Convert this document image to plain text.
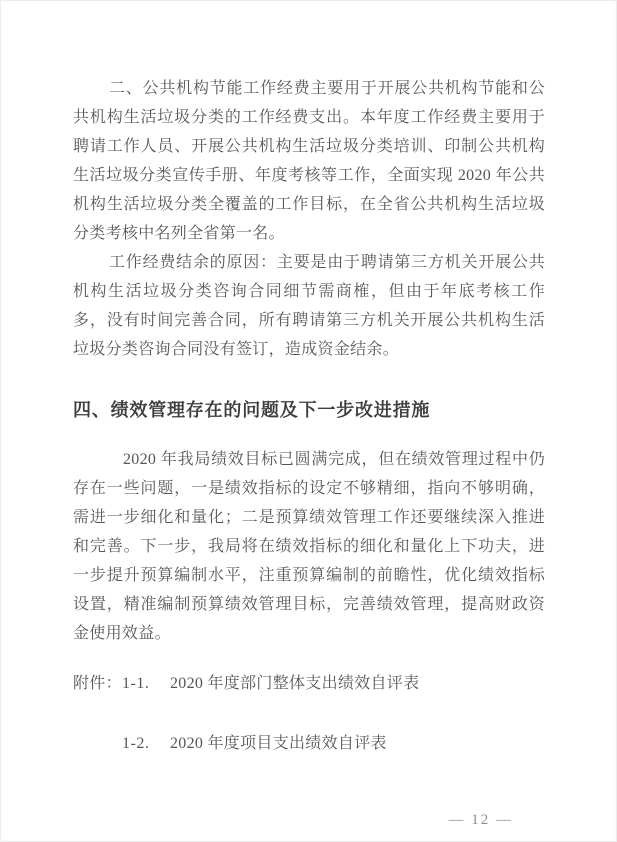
二、公共机构节能工作经费主要用于开展公共机构节能和公共机构生活垃圾分类的工作经费支出。本年度工作经费主要用于聘请工作人员、开展公共机构生活垃圾分类培训、印制公共机构生活垃圾分类宣传手册、年度考核等工作，全面实现 2020 年公共机构生活垃圾分类全覆盖的工作目标，在全省公共机构生活垃圾分类考核中名列全省第一名。

工作经费结余的原因：主要是由于聘请第三方机关开展公共机构生活垃圾分类咨询合同细节需商榷，但由于年底考核工作多，没有时间完善合同，所有聘请第三方机关开展公共机构生活垃圾分类咨询合同没有签订，造成资金结余。

四、绩效管理存在的问题及下一步改进措施

2020 年我局绩效目标已圆满完成，但在绩效管理过程中仍存在一些问题，一是绩效指标的设定不够精细，指向不够明确，需进一步细化和量化；二是预算绩效管理工作还要继续深入推进和完善。下一步，我局将在绩效指标的细化和量化上下功夫，进一步提升预算编制水平，注重预算编制的前瞻性，优化绩效指标设置，精准编制预算绩效管理目标，完善绩效管理，提高财政资金使用效益。

附件： 1-1.	2020 年度部门整体支出绩效自评表
1-2.	2020 年度项目支出绩效自评表
— 12 —
